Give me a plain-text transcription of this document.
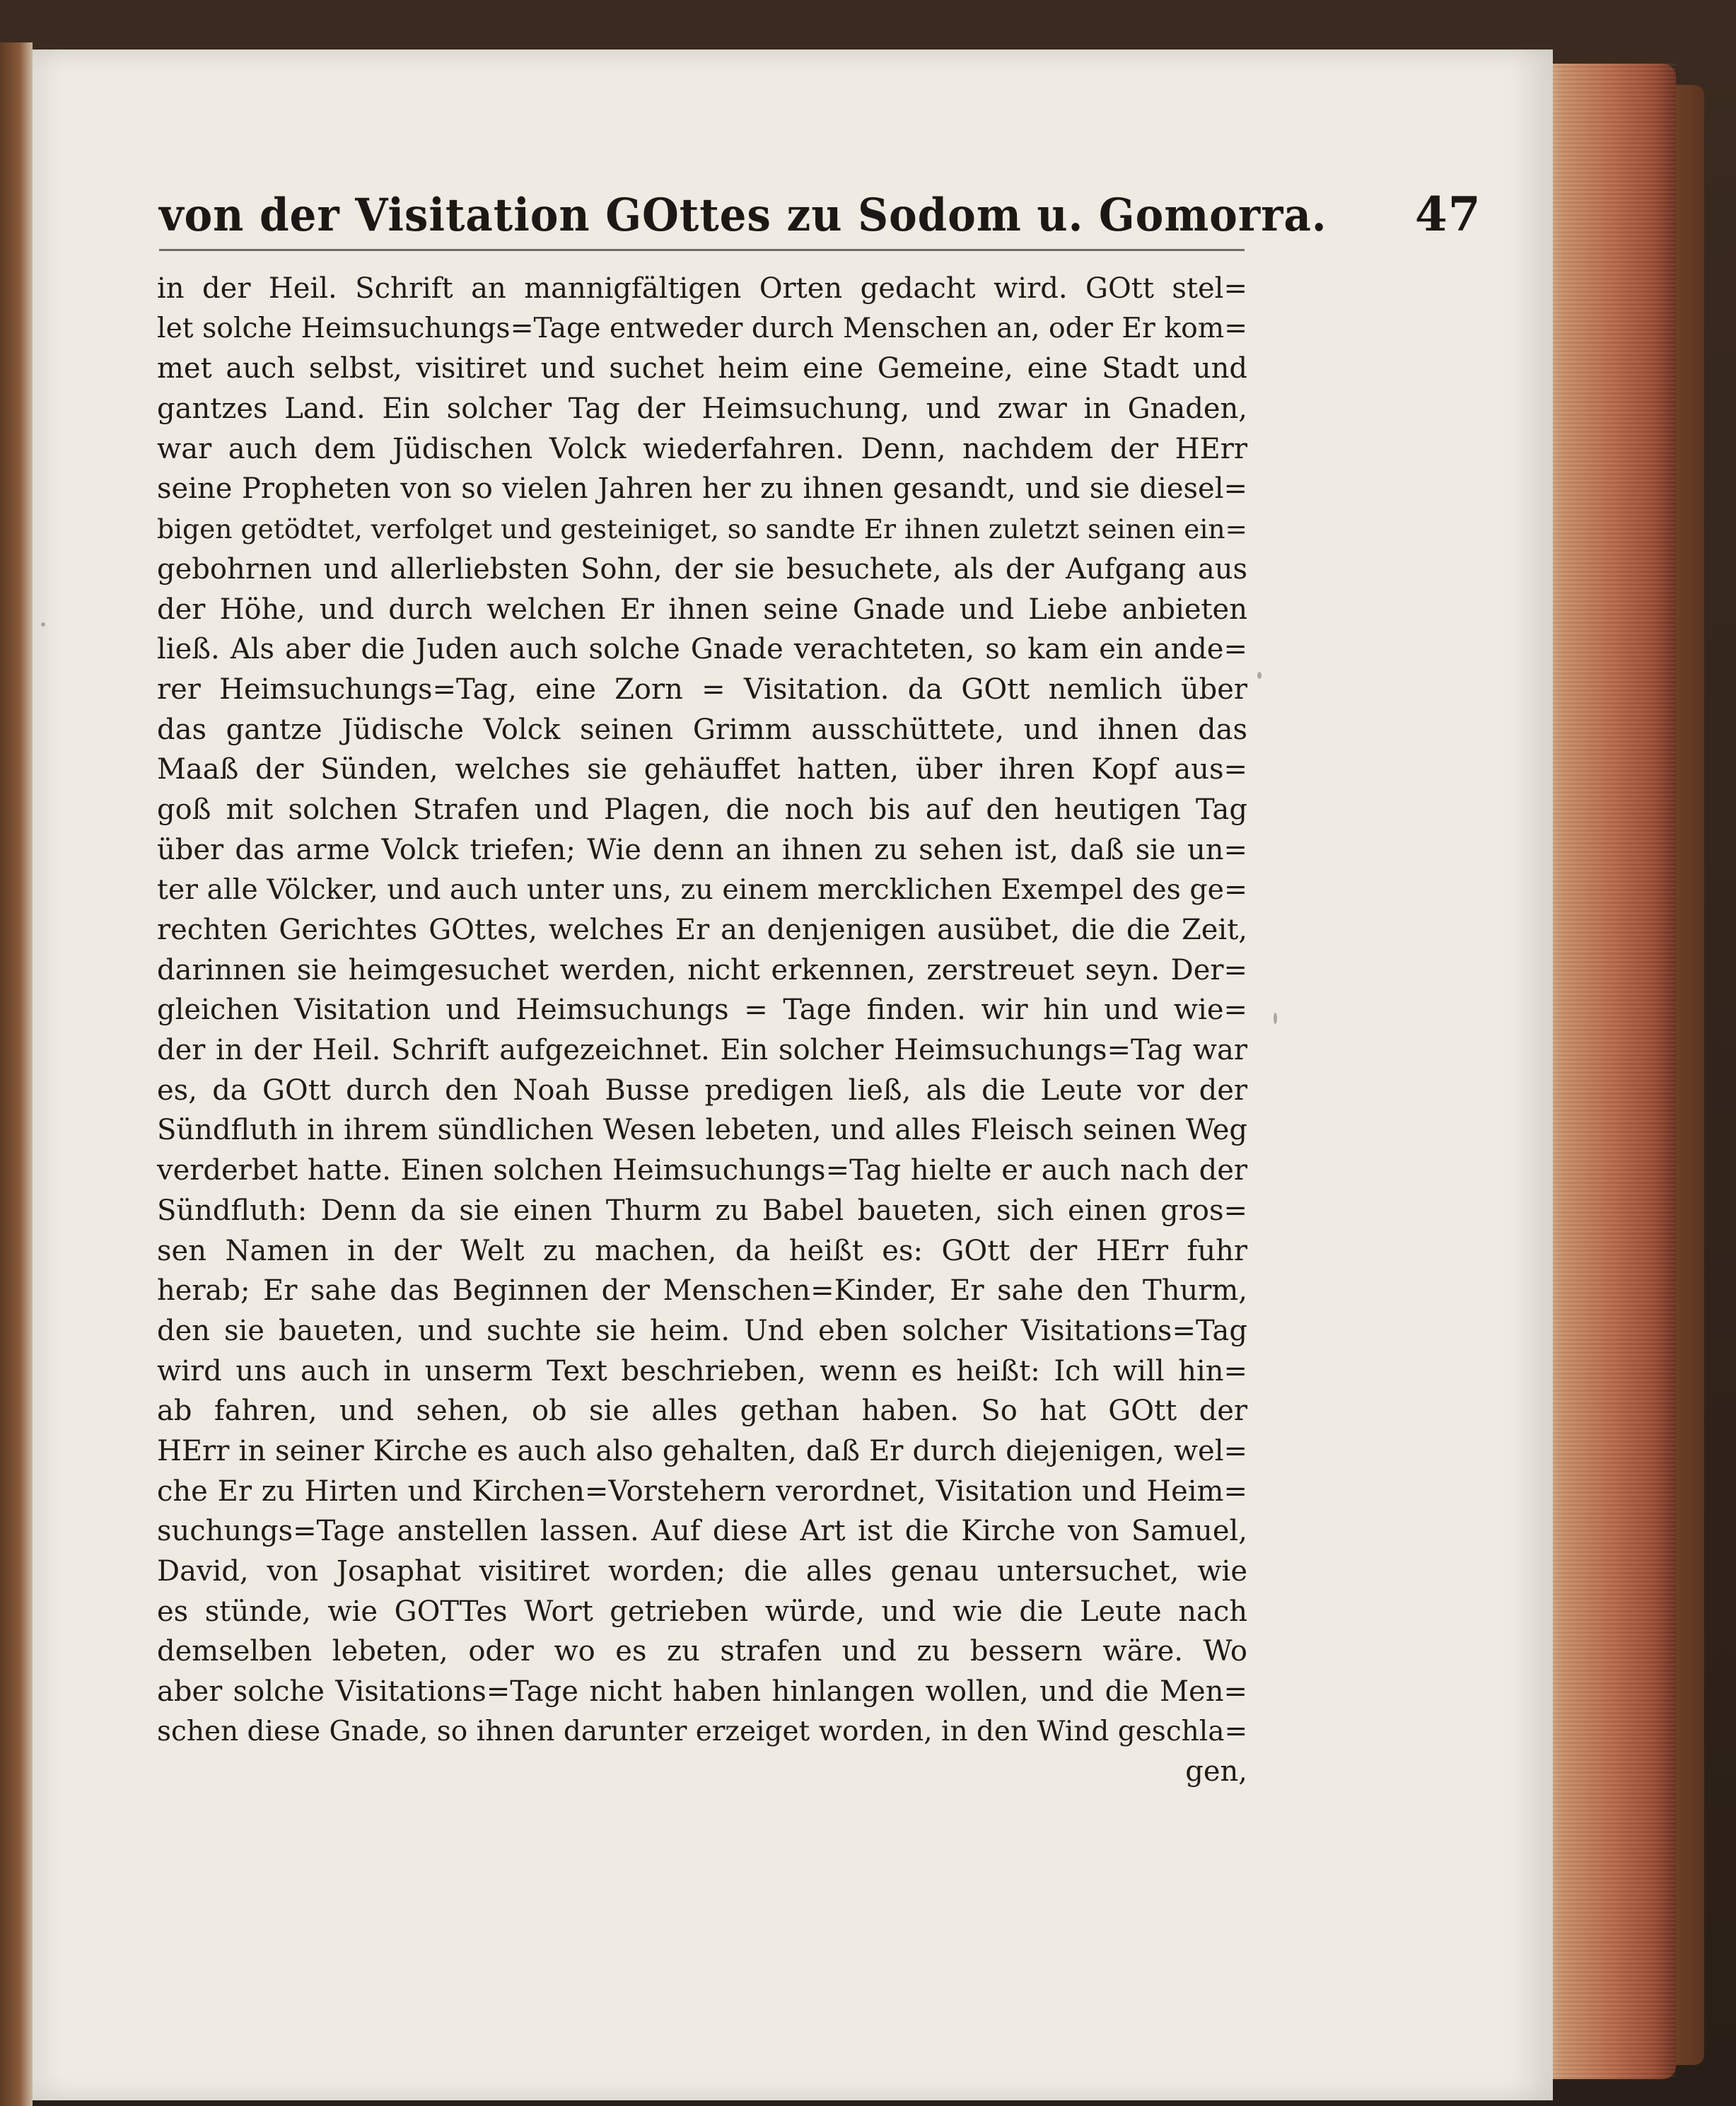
von der Visitation GOttes zu Sodom u. Gomorra. 47
in der Heil. Schrift an mannigfältigen Orten gedacht wird. GOtt stel=
let solche Heimsuchungs=Tage entweder durch Menschen an, oder Er kom=
met auch selbst, visitiret und suchet heim eine Gemeine, eine Stadt und
gantzes Land. Ein solcher Tag der Heimsuchung, und zwar in Gnaden,
war auch dem Jüdischen Volck wiederfahren. Denn, nachdem der HErr
seine Propheten von so vielen Jahren her zu ihnen gesandt, und sie diesel=
bigen getödtet, verfolget und gesteiniget, so sandte Er ihnen zuletzt seinen ein=
gebohrnen und allerliebsten Sohn, der sie besuchete, als der Aufgang aus
der Höhe, und durch welchen Er ihnen seine Gnade und Liebe anbieten
ließ. Als aber die Juden auch solche Gnade verachteten, so kam ein ande=
rer Heimsuchungs=Tag, eine Zorn = Visitation. da GOtt nemlich über
das gantze Jüdische Volck seinen Grimm ausschüttete, und ihnen das
Maaß der Sünden, welches sie gehäuffet hatten, über ihren Kopf aus=
goß mit solchen Strafen und Plagen, die noch bis auf den heutigen Tag
über das arme Volck triefen; Wie denn an ihnen zu sehen ist, daß sie un=
ter alle Völcker, und auch unter uns, zu einem mercklichen Exempel des ge=
rechten Gerichtes GOttes, welches Er an denjenigen ausübet, die die Zeit,
darinnen sie heimgesuchet werden, nicht erkennen, zerstreuet seyn. Der=
gleichen Visitation und Heimsuchungs = Tage finden. wir hin und wie=
der in der Heil. Schrift aufgezeichnet. Ein solcher Heimsuchungs=Tag war
es, da GOtt durch den Noah Busse predigen ließ, als die Leute vor der
Sündfluth in ihrem sündlichen Wesen lebeten, und alles Fleisch seinen Weg
verderbet hatte. Einen solchen Heimsuchungs=Tag hielte er auch nach der
Sündfluth: Denn da sie einen Thurm zu Babel baueten, sich einen gros=
sen Namen in der Welt zu machen, da heißt es: GOtt der HErr fuhr
herab; Er sahe das Beginnen der Menschen=Kinder, Er sahe den Thurm,
den sie baueten, und suchte sie heim. Und eben solcher Visitations=Tag
wird uns auch in unserm Text beschrieben, wenn es heißt: Ich will hin=
ab fahren, und sehen, ob sie alles gethan haben. So hat GOtt der
HErr in seiner Kirche es auch also gehalten, daß Er durch diejenigen, wel=
che Er zu Hirten und Kirchen=Vorstehern verordnet, Visitation und Heim=
suchungs=Tage anstellen lassen. Auf diese Art ist die Kirche von Samuel,
David, von Josaphat visitiret worden; die alles genau untersuchet, wie
es stünde, wie GOTTes Wort getrieben würde, und wie die Leute nach
demselben lebeten, oder wo es zu strafen und zu bessern wäre. Wo
aber solche Visitations=Tage nicht haben hinlangen wollen, und die Men=
schen diese Gnade, so ihnen darunter erzeiget worden, in den Wind geschla=
gen,
